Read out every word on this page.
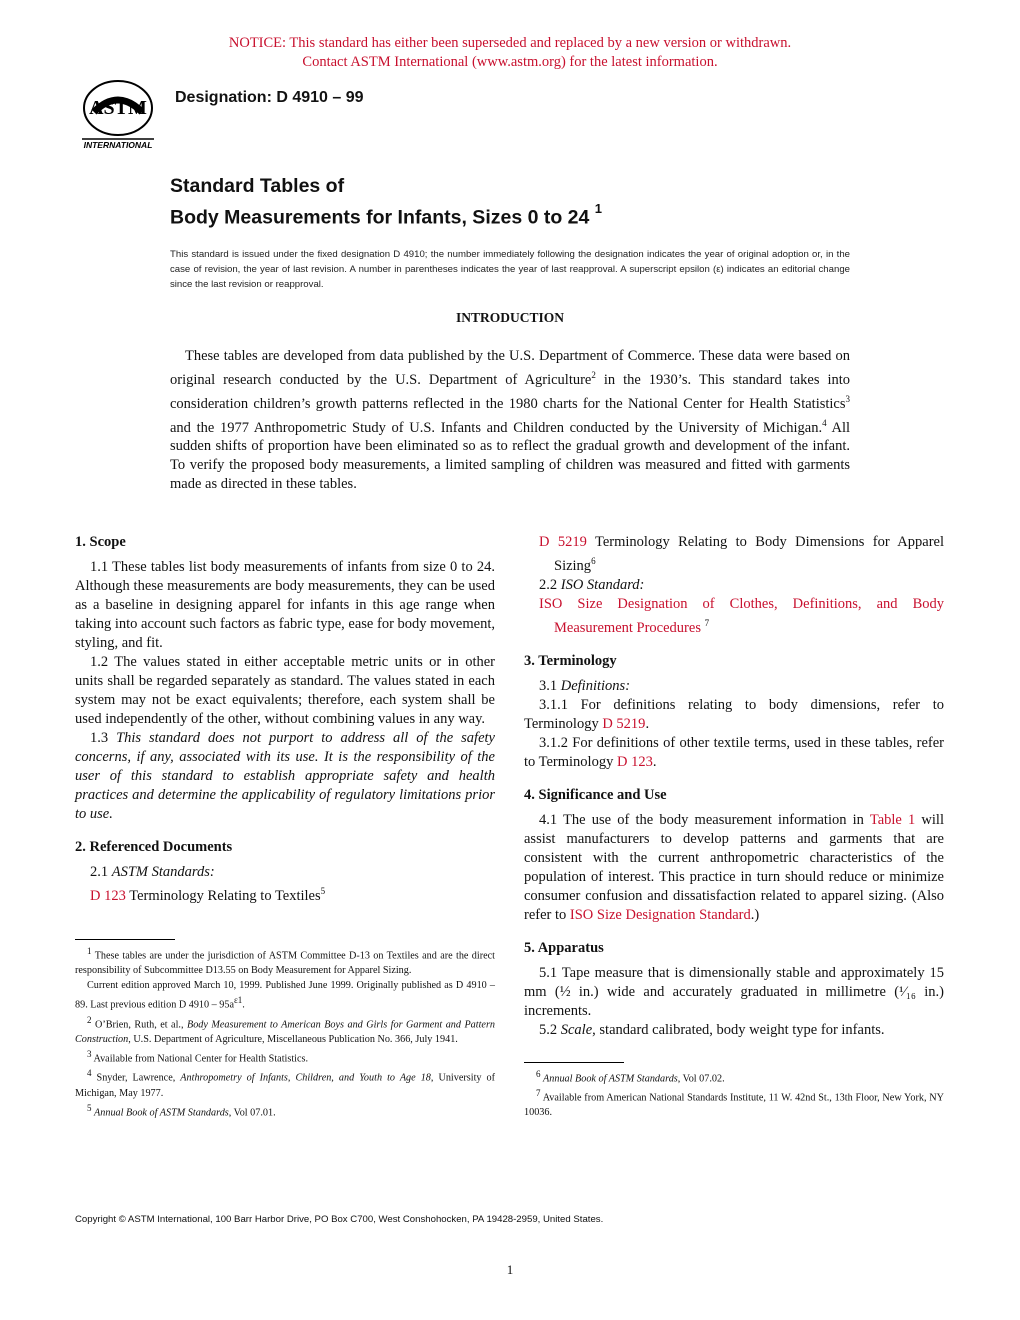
NOTICE: This standard has either been superseded and replaced by a new version or withdrawn.
Contact ASTM International (www.astm.org) for the latest information.
ASTM
INTERNATIONAL
Designation: D 4910 – 99
Standard Tables of
Body Measurements for Infants, Sizes 0 to 24 $^1$
This standard is issued under the fixed designation D 4910; the number immediately following the designation indicates the year of original adoption or, in the case of revision, the year of last revision. A number in parentheses indicates the year of last reapproval. A superscript epsilon (ε) indicates an editorial change since the last revision or reapproval.
INTRODUCTION
These tables are developed from data published by the U.S. Department of Commerce. These data were based on original research conducted by the U.S. Department of Agriculture$^2$ in the 1930’s. This standard takes into consideration children’s growth patterns reflected in the 1980 charts for the National Center for Health Statistics$^3$ and the 1977 Anthropometric Study of U.S. Infants and Children conducted by the University of Michigan.$^4$ All sudden shifts of proportion have been eliminated so as to reflect the gradual growth and development of the infant. To verify the proposed body measurements, a limited sampling of children was measured and fitted with garments made as directed in these tables.
1. Scope
1.1 These tables list body measurements of infants from size 0 to 24. Although these measurements are body measurements, they can be used as a baseline in designing apparel for infants in this age range when taking into account such factors as fabric type, ease for body movement, styling, and fit.
1.2 The values stated in either acceptable metric units or in other units shall be regarded separately as standard. The values stated in each system may not be exact equivalents; therefore, each system shall be used independently of the other, without combining values in any way.
1.3 This standard does not purport to address all of the safety concerns, if any, associated with its use. It is the responsibility of the user of this standard to establish appropriate safety and health practices and determine the applicability of regulatory limitations prior to use.
2. Referenced Documents
2.1 ASTM Standards:
D 123 Terminology Relating to Textiles$^5$
$^1$ These tables are under the jurisdiction of ASTM Committee D-13 on Textiles and are the direct responsibility of Subcommittee D13.55 on Body Measurement for Apparel Sizing.
Current edition approved March 10, 1999. Published June 1999. Originally published as D 4910 – 89. Last previous edition D $4910 - 95a^{\varepsilon 1}$.
$^2$ O’Brien, Ruth, et al., Body Measurement to American Boys and Girls for Garment and Pattern Construction, U.S. Department of Agriculture, Miscellaneous Publication No. 366, July 1941.
$^3$ Available from National Center for Health Statistics.
$^4$ Snyder, Lawrence, Anthropometry of Infants, Children, and Youth to Age 18, University of Michigan, May 1977.
$^5$ Annual Book of ASTM Standards, Vol 07.01.
D 5219 Terminology Relating to Body Dimensions for Apparel Sizing$^6$
2.2 ISO Standard:
ISO Size Designation of Clothes, Definitions, and Body Measurement Procedures $^7$
3. Terminology
3.1 Definitions:
3.1.1 For definitions relating to body dimensions, refer to Terminology D 5219.
3.1.2 For definitions of other textile terms, used in these tables, refer to Terminology D 123.
4. Significance and Use
4.1 The use of the body measurement information in Table 1 will assist manufacturers to develop patterns and garments that are consistent with the current anthropometric characteristics of the population of interest. This practice in turn should reduce or minimize consumer confusion and dissatisfaction related to apparel sizing. (Also refer to ISO Size Designation Standard.)
5. Apparatus
5.1 Tape measure that is dimensionally stable and approximately 15 mm (½ in.) wide and accurately graduated in millimetre (¹⁄₁₆ in.) increments.
5.2 Scale, standard calibrated, body weight type for infants.
$^6$ Annual Book of ASTM Standards, Vol 07.02.
$^7$ Available from American National Standards Institute, 11 W. 42nd St., 13th Floor, New York, NY 10036.
Copyright © ASTM International, 100 Barr Harbor Drive, PO Box C700, West Conshohocken, PA 19428-2959, United States.
1
